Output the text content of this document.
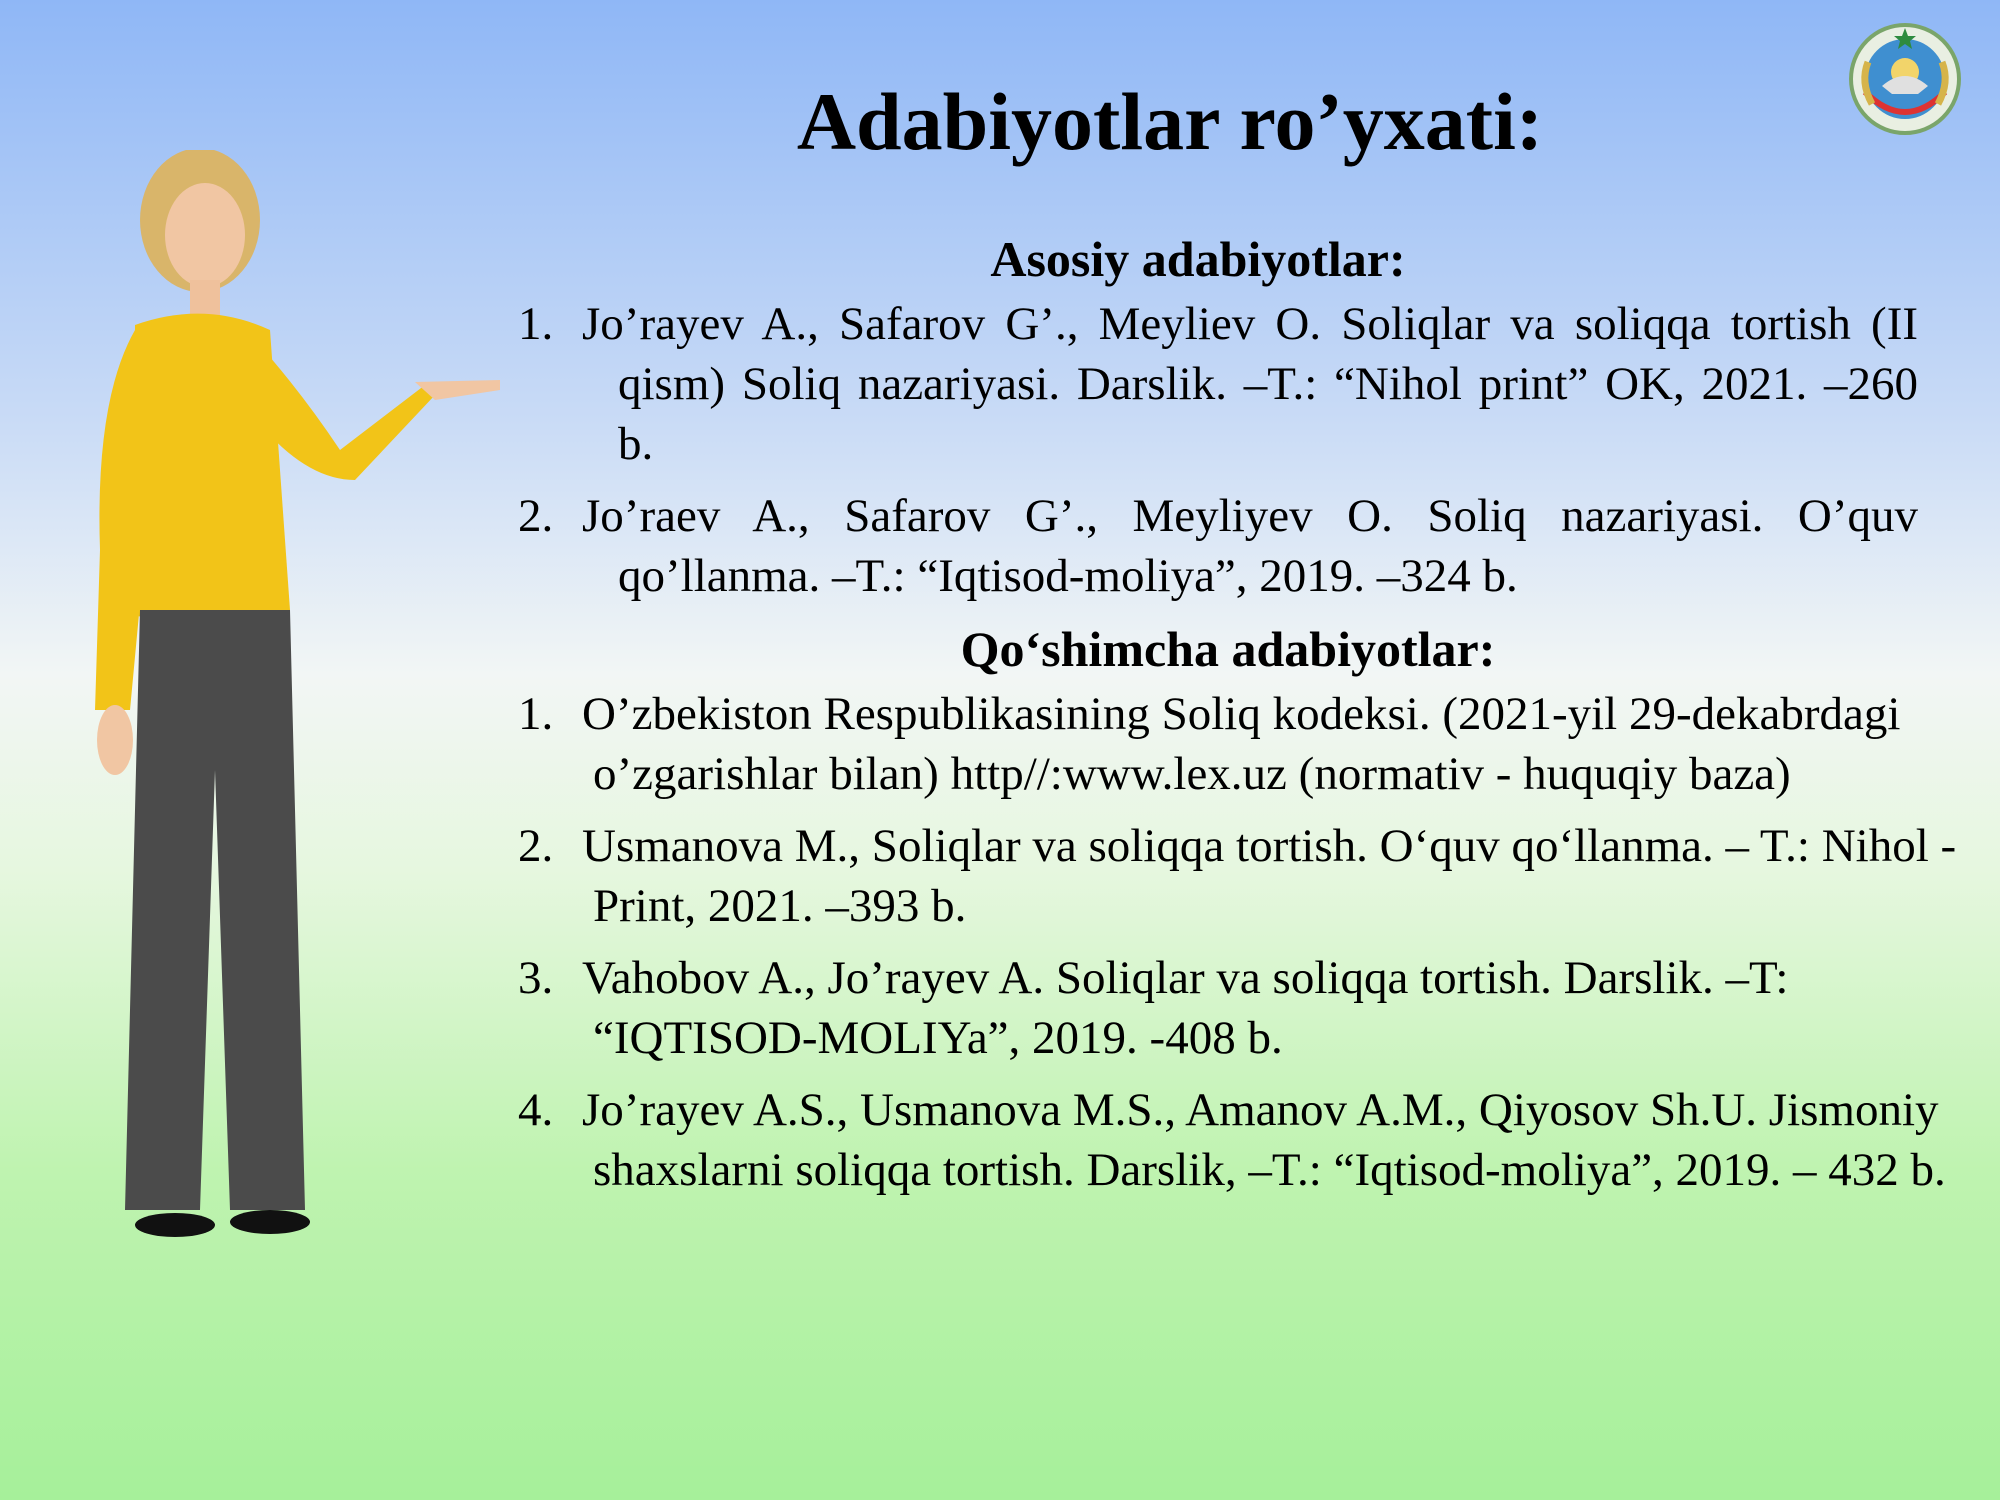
Adabiyotlar ro’yxati:

Asosiy adabiyotlar:

1. Jo’rayev A., Safarov G’., Meyliev O. Soliqlar va soliqqa tortish (II qism) Soliq nazariyasi. Darslik. –T.: “Nihol print” OK, 2021. –260 b.
2. Jo’raev A., Safarov G’., Meyliyev O. Soliq nazariyasi. O’quv qo’llanma. –T.: “Iqtisod-moliya”, 2019. –324 b.

Qo‘shimcha adabiyotlar:

1. O’zbekiston Respublikasining Soliq kodeksi. (2021-yil 29-dekabrdagi o’zgarishlar bilan) http//:www.lex.uz (normativ - huquqiy baza)
2. Usmanova M., Soliqlar va soliqqa tortish. O‘quv qo‘llanma. – T.: Nihol - Print, 2021. –393 b.
3. Vahobov A., Jo’rayev A. Soliqlar va soliqqa tortish. Darslik. –T: “IQTISOD-MOLIYa”, 2019. -408 b.
4. Jo’rayev A.S., Usmanova M.S., Amanov A.M., Qiyosov Sh.U. Jismoniy shaxslarni soliqqa tortish. Darslik, –T.: “Iqtisod-moliya”, 2019. – 432 b.
